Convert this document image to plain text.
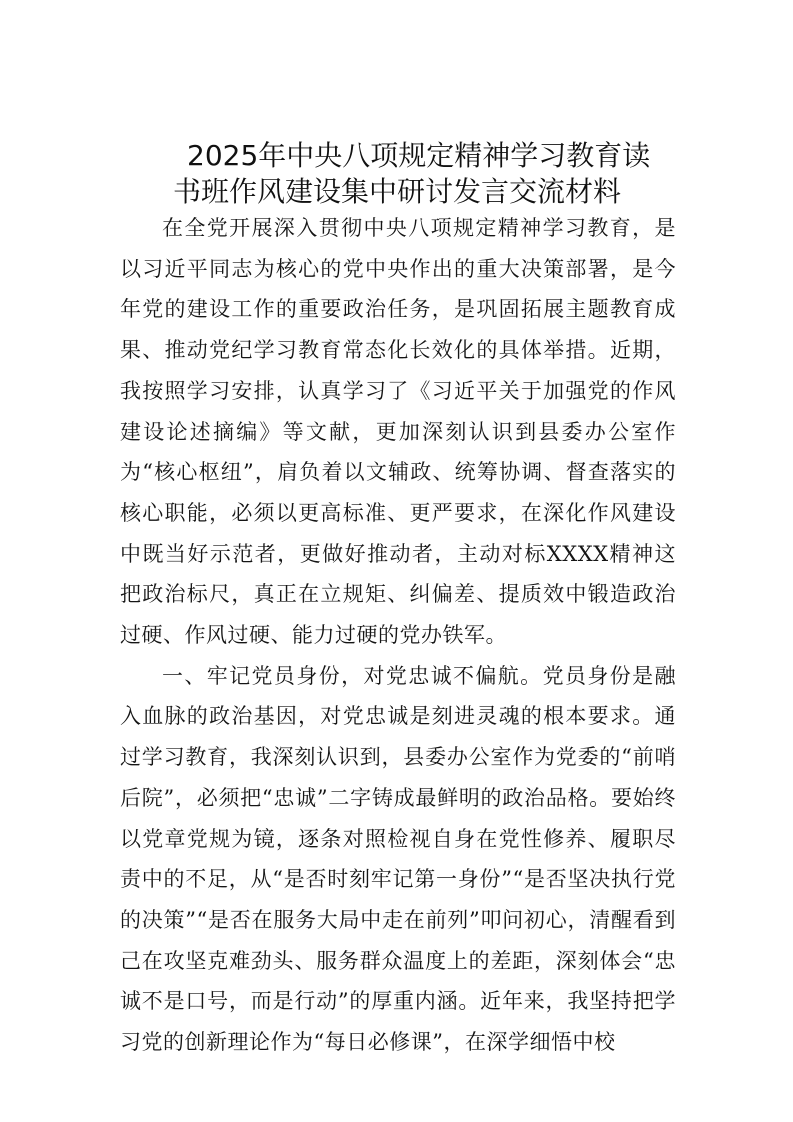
2025年中央八项规定精神学习教育读
书班作风建设集中研讨发言交流材料

在全党开展深入贯彻中央八项规定精神学习教育，是以习近平同志为核心的党中央作出的重大决策部署，是今年党的建设工作的重要政治任务，是巩固拓展主题教育成果、推动党纪学习教育常态化长效化的具体举措。近期，我按照学习安排，认真学习了《习近平关于加强党的作风建设论述摘编》等文献，更加深刻认识到县委办公室作为“核心枢纽”，肩负着以文辅政、统筹协调、督查落实的核心职能，必须以更高标准、更严要求，在深化作风建设中既当好示范者，更做好推动者，主动对标XXXX精神这把政治标尺，真正在立规矩、纠偏差、提质效中锻造政治过硬、作风过硬、能力过硬的党办铁军。

一、牢记党员身份，对党忠诚不偏航。党员身份是融入血脉的政治基因，对党忠诚是刻进灵魂的根本要求。通过学习教育，我深刻认识到，县委办公室作为党委的“前哨后院”，必须把“忠诚”二字铸成最鲜明的政治品格。要始终以党章党规为镜，逐条对照检视自身在党性修养、履职尽责中的不足，从“是否时刻牢记第一身份”“是否坚决执行党的决策”“是否在服务大局中走在前列”叩问初心，清醒看到己在攻坚克难劲头、服务群众温度上的差距，深刻体会“忠诚不是口号，而是行动”的厚重内涵。近年来，我坚持把学习党的创新理论作为“每日必修课”，在深学细悟中校
